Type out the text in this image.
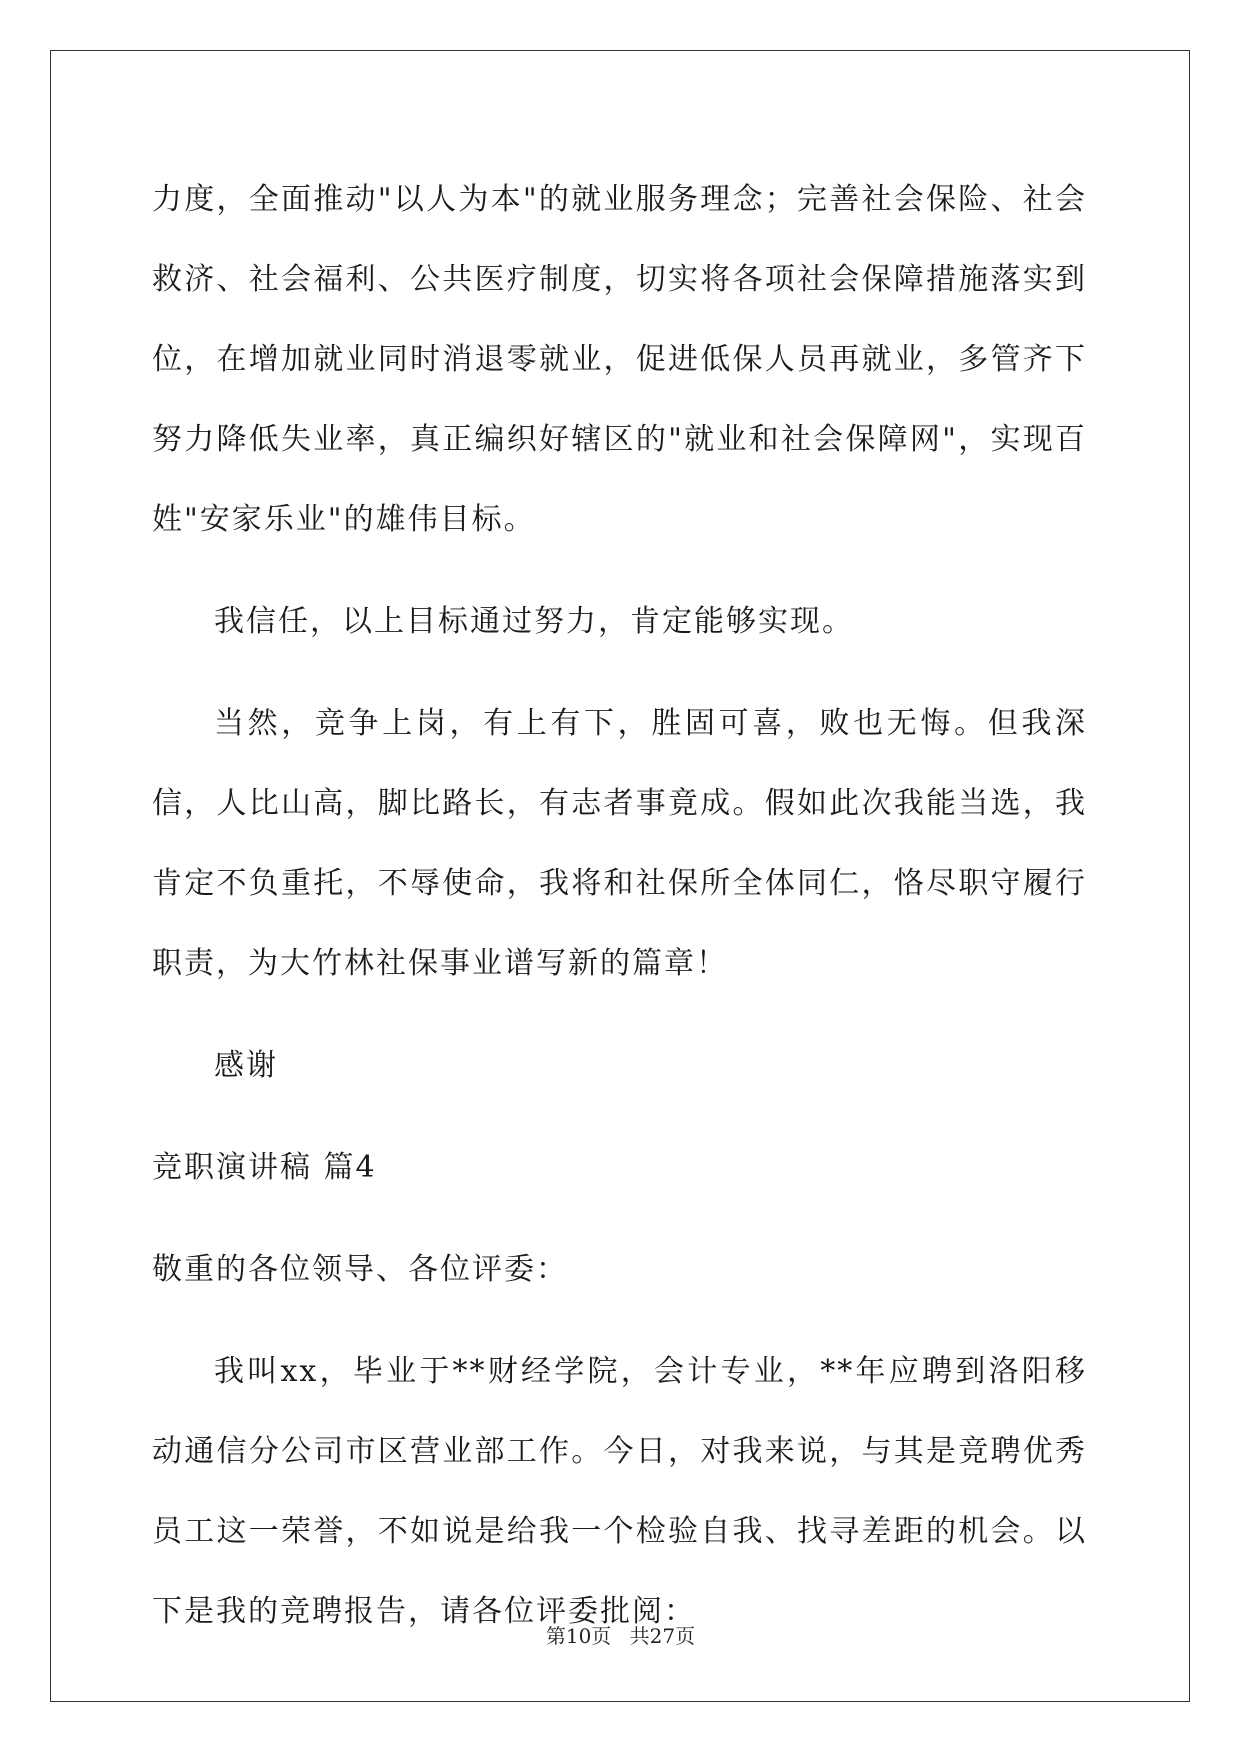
力度，全面推动"以人为本"的就业服务理念；完善社会保险、社会救济、社会福利、公共医疗制度，切实将各项社会保障措施落实到位，在增加就业同时消退零就业，促进低保人员再就业，多管齐下努力降低失业率，真正编织好辖区的"就业和社会保障网"，实现百姓"安家乐业"的雄伟目标。

我信任，以上目标通过努力，肯定能够实现。

当然，竞争上岗，有上有下，胜固可喜，败也无悔。但我深信，人比山高，脚比路长，有志者事竟成。假如此次我能当选，我肯定不负重托，不辱使命，我将和社保所全体同仁，恪尽职守履行职责，为大竹林社保事业谱写新的篇章！

感谢

竞职演讲稿 篇4

敬重的各位领导、各位评委：

我叫xx，毕业于**财经学院，会计专业，**年应聘到洛阳移动通信分公司市区营业部工作。今日，对我来说，与其是竞聘优秀员工这一荣誉，不如说是给我一个检验自我、找寻差距的机会。以下是我的竞聘报告，请各位评委批阅：

第10页 共27页
